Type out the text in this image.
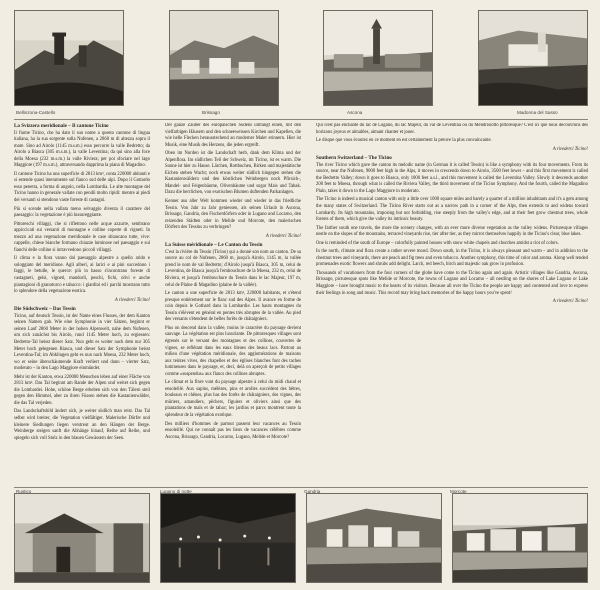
Bellinzona-Castello	Brissago	Ascona	Madonna del Sasso
La Svizzera meridionale – Il cantone Ticino

Il fiume Ticino, che ha dato il suo nome a questo cantone di lingua italiana, ha la sua sorgente sulla Nufenen, a 2860 m di altezza sopra il mare. Sino ad Airolo (1145 m.s.m.) esso percorre la valle Bedretto; da Airolo a Biasca (305 m.s.m.), la valle Leventina; da qui sino alla foce della Moesa (232 m.s.m.) la valle Riviera; per poi sfociare nel lago Maggiore (197 m.s.m.), attraversando dapprima la piana di Magadino.

Il cantone Ticino ha una superficie di 2813 km², conta 220000 abitanti e si estende quasi interamente sul fianco sud delle alpi. Dopo il Gottardo esso penetra, a forma di angolo, nella Lombardia. Le alte montagne del Ticino hanno in generale vallate con pendii molto ripidi: mentre ai piedi dei versanti si stendono vaste foreste di castagni.

Più si scende nella vallata meno selvaggio diventa il carattere del paesaggio: la vegetazione è più lussureggiante.

Pittoreschi villaggi, che si riflettono nelle acque azzurre, sembrano appiccicati sui versanti di montagne e colline coperte di vigneti. In mezzo ad una vegetazione meridionale le case sbiancano tutte, vive: cappelle, chiese bianche formano chiazze luminose nel paesaggio e sui fianchi delle colline si intravvedono piccoli villaggi.

Il clima e la flora vanno dal paesaggio alpestre a quello arido e sologgiato del meridione. Agli alberi, ai larici e ai pini succedono i faggi, le betulle, le querce: più in basso s'incontrano foreste di castagneti, gelsi, vigneti, mandorli, peschi, fichi, olivi e anche piantagioni di granoturco e tabacco: i giardini ed i parchi mostrano tutto lo splendore della vegetazione esotica.

A rivederci Ticino!

Die Südschweiz – Das Tessin

Ticino, auf deutsch Tessin, ist der Name eines Flusses, der dem Kanton seinen Namen gab. Wie eine Symphonie in vier Sätzen, beginnt er seinen Lauf 2860 Meter in der hohen Alpenwelt, nahe dem Nufenen, um sich zunächst bis Airolo, rund 1145 Meter hoch, zu ergiessen: Bedretto-Tal heisst dieser Satz. Nun geht es weiter nach dem nur 305 Meter hoch gelegenen Biasca, und dieser Satz der Symphonie heisst Leventina-Tal; im Abklingen geht es nun nach Moesa, 232 Meter hoch, wo er seine überschäumende Kraft verliert und dann – vierter Satz, moderato – in den Lago Maggiore einmündet.

Mehr ist der Kanton, etwa 220000 Menschen leben auf einer Fläche von 2813 km². Das Tal beginnt am Rande der Alpen und weitet sich gegen die Lombardei. Hohe, schöne Berge erheben sich von den Tälern steil gegen den Himmel, aber zu ihren Füssen stehen die Kastanienwälder, die das Tal verjeden.

Das Landschaftsbild ändert sich, je weiter südlich man reist. Das Tal selbst wird breiter, die Vegetation vielfältiger. Malerische Dörfer und kleinere Siedlungen liegen verstreut an den Hängen der Berge. Weinberge steigen sanft die Abhänge hinauf, Reihe auf Reihe, und spiegeln sich voll Stolz in den blauen Gewässern der Seen.

Der ganze Zauber des europäischen Südens umfängt einen, mit den vielfarbigen Häusern und den schneeweissen Kirchen und Kapellen, die wie helle Flecken herausstechend an moderner Maler erinnern. Hier ist Musik, eine Musik des Herzens, die jeden ergreift.

Oben im Norden ist die Landschaft herb, dank dem Klima und der Alpenflora. Im südlichen Teil der Schweiz, im Ticino, ist es warm. Die Sonne ist hier zu Hause. Lärchen, Rottbuchen, Birken und majestätische Eichen stehen Wacht; noch etwas weiter südlich hingegen stehen die Kastanienwäldern und den köstlichen Weinbergen noch Pfirsich-, Mandel- und Feigenbäume, Olivenbäume und sogar Mais und Tabak. Dazu die herrlichen, von exotischen Blumen duftenden Parkanlagen.

Kenner aus aller Welt kommen wieder und wieder in das friedliche Tessin. Von Jahr zu Jahr geniessen, als seinen Urlaub in Ascona, Brissago, Gandria, den Fischerdörfern oder in Lugano und Locarno, den reizenden Städten oder in Melide und Morcote, den malerischen Dörfern des Tessins zu verbringen?

A rivederci Ticino!

La Suisse méridionale – Le Canton du Tessin

C'est la rivière du Tessin (Ticino) qui a donné son nom au canton. De sa source au col de Nufenen, 2860 m, jusqu'à Airolo, 1145 m, la vallée prend le nom de val Bedretto; d'Airolo jusqu'à Biasca, 305 m, celui de Leventina, de Biasca jusqu'à l'embouchure de la Moesa, 232 m, celui de Riviera, et jusqu'à l'embouchure du Tessin dans le lac Majeur, 197 m, celui de Plaine di Magadino (plaine de la vallée).

Le canton a une superficie de 2813 km², 220000 habitants, et s'étend presque entièrement sur le flanc sud des Alpes. Il avance en forme de coin depuis le Gothard dans la Lombardie. Les hauts montagnes du Tessin s'élèvent en général en pentes très abruptes de la vallée. Au pied des versants s'étendent de belles forêts de châtaigniers.

Plus on descend dans la vallée, moins le caractère du paysage devient sauvage. La végétation est plus luxuriante. De pittoresques villages sont égrenés sur le versant des montagnes et des collines, couvertes de vignes, se reflétant dans les eaux bleues des beaux lacs. Partout au milieu d'une végétation méridionale, des agglomérations de maisons aux teintes vives, des chapelles et des églises blanches font des taches lumineuses dans le paysage, et, deci, delà on aperçoit de petits villages comme «suspendus» aux flancs des collines abruptes.

Le climat et la flore vont du paysage alpestre à celui du midi chaud et ensoleillé. Aux sapins, mélèzes, pins et arolles succèdent des hêtres, bouleaux et chênes, plus bas des forêts de châtaigniers, des vignes, des mûriers, amandiers, pêchers, figuiers et oliviers ainsi que des plantations de maïs et de tabac; les jardins et parcs montrent toute la splendeur de la végétation exotique.

Des milliers d'hommes de partout passent leur vacances au Tessin ensoleillé. Qui ne connaît pas les lieux de vacances célèbres comme Ascona, Brissago, Gandria, Locarno, Lugano, Melide et Morcote?

Qui n'est pas enchanté du lac de Lugano, du lac Majeur, du val de Leventina ou du Mendrisiotto pittoresque? C'est ici que nous découvrons des horizons joyeux et aimables, aimant chanter et jouer.

Le disque que vous écoutez en ce moment en est certainement la preuve la plus convaincante.

A rivederci Ticino!

Southern Switzerland – The Ticino

The river Ticino which gave the canton its melodic name (in German it is called Tessin) is like a symphony with its four movements. From its source, near the Nufenen, 9000 feet high in the Alps, it moves in crescendo down to Airolo, 3500 feet lower – and this first movement is called the Bedretto Valley; down it goes to Biasca, only 1000 feet a.s.l., and this movement is called the Leventina Valley. Slowly it descends another 200 feet to Moesa, through what is called the Riviera Valley, the third movement of the Ticino Symphony. And the fourth, called the Magadino Plain, takes it down to the Lago Maggiore in moderato.

The Ticino is indeed a musical canton with only a little over 1000 square miles and barely a quarter of a million inhabitants and it's a gem among the many states of Switzerland. The Ticino River starts out as a narrow path in a corner of the Alps, then extends to and widens toward Lombardy. Its high mountains, imposing but not forbidding, rise steeply from the valley's edge, and at their feet grow chestnut trees, whole forests of them, which give the valley its intrinsic beauty.

The farther south one travels, the more the scenery changes, with an ever more diverse vegetation as the valley widens. Picturesque villages nestle on the slopes of the mountains, terraced vineyards rise, tier after tier, as they mirror themselves happily in the Ticino's clear, blue lakes.

One is reminded of the south of Europe – colorfully painted houses with snow white chapels and churches amidst a riot of colors.

In the north, climate and flora create a rather severe mood. Down south, in the Ticino, it is always pleasant and warm – and in addition to the chestnut trees and vineyards, there are peach and fig trees and even tobacco. Another symphony, this time of color and aroma. Along well tended promenades exotic flowers and shrubs add delight. Larch, red beech, birch and majestic oak grow in profusion.

Thousands of vacationers from the four corners of the globe have come to the Ticino again and again. Artistic villages like Gandria, Ascona, Brissago, picturesque spots like Melide or Morcote, the towns of Lugano and Locarno – all nestling on the shores of Lake Lugano or Lake Maggiore – have brought music to the hearts of its visitors. Because all over the Ticino the people are happy and contented and love to express their feelings in song and music. This record may bring back memories of the happy hours you've spent!

A rivederci Ticino!

Rustico	Lugano di notte	Gandria	Morcote
